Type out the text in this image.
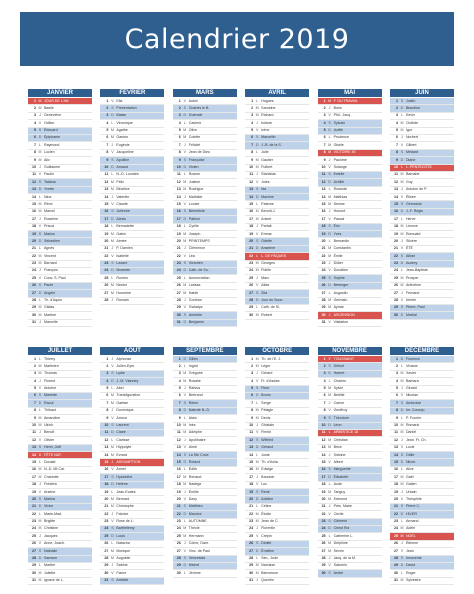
Calendrier 2019
JANVIER
1 M JOUR DE L'AN
2 M Basile
3 J Geneviève
4 V Odilon
5 S Édouard
6 D Épiphanie
7 L Raymond
8 M Lucien
9 M Alix
10 J Guillaume
11 V Paulin
12 S Tatiana
13 D Yvette
14 L Nina
15 M Rémi
16 M Marcel
17 J Roseline
18 V Prisca
19 S Marius
20 D Sébastien
21 L Agnès
22 M Vincent
23 M Barnard
24 J François
25 V Conv. S. Paul
26 S Paule
27 D Angèle
28 L Th. d'Aquin
29 M Gildas
30 M Martine
31 J Marcelle
FÉVRIER
1 V Ella
2 S Présentation
3 D Blaise
4 L Véronique
5 M Agathe
6 M Gaston
7 J Eugénie
8 V Jacqueline
9 S Apolline
10 D Arnaud
11 L N.-D. Lourdes
12 M Félix
13 M Béatrice
14 J Valentin
15 V Claude
16 S Julienne
17 D Alexis
18 L Bernadette
19 M Gabin
20 M Aimée
21 J P. Damien
22 V Isabelle
23 S Lazare
24 D Modeste
25 L Roméo
26 M Nestor
27 M Honorine
28 J Romain
MARS
1 V Aubin
2 S Charles le B.
3 D Guénolé
4 L Casimir
5 M Olive
6 M Colette
7 J Félicité
8 V Jean de Dieu
9 S Françoise
10 D Vivien
11 L Rosine
12 M Justine
13 M Rodrigue
14 J Mathilde
15 V Louise
16 S Bénédicte
17 D Patrice
18 L Cyrille
19 M Joseph
20 M PRINTEMPS
21 J Clémence
22 V Léa
23 S Victorien
24 D Cath. de Su.
25 L Annonciation
26 M Larissa
27 M Habib
28 J Gontran
29 V Gwladys
30 S Amédée
31 D Benjamin
AVRIL
1 L Hugues
2 M Sandrine
3 M Richard
4 J Isidore
5 V Irène
6 S Marcellin
7 D J.-B. de la S.
8 L Julie
9 M Gautier
10 M Fulbert
11 J Stanislas
12 V Jules
13 S Ida
14 D Maxime
15 L Paterne
16 M Benoît-J.
17 M Anicet
18 J Parfait
19 V Emma
20 S Odette
21 D Anselme
22 L L. DE PÂQUES
23 M Georges
24 M Fidèle
25 J Marc
26 V Alida
27 S Zita
28 D Jour du Souv.
29 L Cath. de Si.
30 M Robert
MAI
1 M F. DU TRAVAIL
2 J Boris
3 V Phil., Jacq.
4 S Sylvain
5 D Judith
6 L Prudence
7 M Gisèle
8 M VICTOIRE 45
9 J Pacôme
10 V Solange
11 S Estelle
12 D Achille
13 L Rolande
14 M Matthias
15 M Denise
16 J Honoré
17 V Pascal
18 S Éric
19 D Yves
20 L Bernardin
21 M Constantin
22 M Émile
23 J Didier
24 V Donatien
25 S Sophie
26 D Bérenger
27 L Augustin
28 M Germain
29 M Aymar
30 J ASCENSION
31 V Visitation
JUIN
1 S Justin
2 D Blandine
3 L Kévin
4 M Clotilde
5 M Igor
6 J Norbert
7 V Gilbert
8 S Médard
9 D Diane
10 L L. PENTECÔTE
11 M Barnabé
12 M Guy
13 J Antoine de P.
14 V Élisée
15 S Germaine
16 D J.-F. Régis
17 L Hervé
18 M Léonce
19 M Romuald
20 J Silvère
21 V ÉTÉ
22 S Alban
23 D Audrey
24 L Jean-Baptiste
25 M Prosper
26 M Anthelme
27 J Fernand
28 V Irénée
29 S Pierre, Paul
30 D Martial
JUILLET
1 L Thierry
2 M Martinien
3 M Thomas
4 J Florent
5 V Antoine
6 S Mariette
7 D Raoul
8 L Thibaut
9 M Amandine
10 M Ulrich
11 J Benoît
12 V Olivier
13 S Henri, Joël
14 D FÊTE NAT.
15 L Donald
16 M N.-D. Mt Car.
17 M Charlotte
18 J Frédéric
19 V Arsène
20 S Marina
21 D Victor
22 L Marie-Mad.
23 M Brigitte
24 M Christine
25 J Jacques
26 V Anne, Joach.
27 S Nathalie
28 D Samson
29 L Marthe
30 M Juliette
31 M Ignace de L.
AOÛT
1 J Alphonse
2 V Julien-Eym.
3 S Lydie
4 D J.-M. Vianney
5 L Abel
6 M Transfiguration
7 M Gaétan
8 J Dominique
9 V Amour
10 S Laurent
11 D Claire
12 L Clarisse
13 M Hippolyte
14 M Evrard
15 J ASSOMPTION
16 V Armel
17 S Hyacinthe
18 D Hélène
19 L Jean-Eudes
20 M Bernard
21 M Christophe
22 J Fabrice
23 V Rose de L.
24 S Barthélemy
25 D Louis
26 L Natacha
27 M Monique
28 M Augustin
29 J Sabine
30 V Fiacre
31 S Aristide
SEPTEMBRE
1 D Gilles
2 L Ingrid
3 M Grégoire
4 M Rosalie
5 J Raïssa
6 V Bertrand
7 S Reine
8 D Nativité N.-D.
9 L Alain
10 M Inès
11 M Adelphe
12 J Apollinaire
13 V Aimé
14 S La Ste Croix
15 D Roland
16 L Édith
17 M Renaud
18 M Nadège
19 J Émilie
20 V Davy
21 S Matthieu
22 D Maurice
23 L AUTOMNE
24 M Thècle
25 M Hermann
26 J Côme, Dam.
27 V Vinc. de Paul
28 S Venceslas
29 D Michel
30 L Jérôme
OCTOBRE
1 M Th. de l'E. J.
2 M Léger
3 J Gérard
4 V Fr. d'Assise
5 S Fleur
6 D Bruno
7 L Serge
8 M Pélagie
9 M Denis
10 J Ghislain
11 V Firmin
12 S Wilfried
13 D Géraud
14 L Juste
15 M Th. d'Avila
16 M Edwige
17 J Baudoin
18 V Luc
19 S René
20 D Adeline
21 L Céline
22 M Élodie
23 M Jean de C.
24 J Florentin
25 V Crépin
26 S Dimitri
27 D Émeline
28 L Sim., Jude
29 M Narcisse
30 M Bienvenue
31 J Quentin
NOVEMBRE
1 V TOUSSAINT
2 S Défunt
3 D Hubert
4 L Charles
5 M Sylvie
6 M Bertille
7 J Carine
8 V Geoffroy
9 S Théodore
10 D Léon
11 L ARMISTICE 18
12 M Christian
13 M Brice
14 J Sidoine
15 V Albert
16 S Marguerite
17 D Élisabeth
18 L Aude
19 M Tanguy
20 M Edmond
21 J Prés. Marie
22 V Cécile
23 S Clément
24 D Christ Roi
25 L Catherine L.
26 M Delphine
27 M Sévrin
28 J Jacq. de la M.
29 V Saturnin
30 S André
DÉCEMBRE
1 D Florence
2 L Viviane
3 M Xavier
4 M Barbara
5 J Gérald
6 V Nicolas
7 S Ambroise
8 D Im. Concep.
9 L P. Fourier
10 M Romaric
11 M Daniel
12 J Jean. Fr. Ch.
13 V Lucie
14 S Odile
15 D Ninon
16 L Alice
17 M Gaël
18 M Gatien
19 J Urbain
20 V Théophile
21 S Pierre C.
22 D HIVER
23 L Armand
24 M Adèle
25 M NOËL
26 J Étienne
27 V Jean
28 S Innocents
29 D David
30 L Roger
31 M Sylvestre
